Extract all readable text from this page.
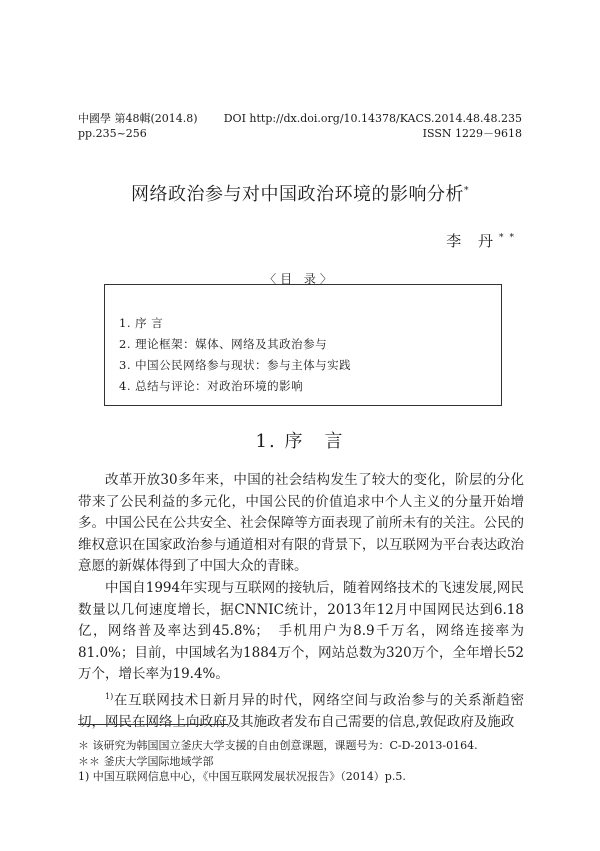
中國學 第48輯(2014.8)
pp.235~256
DOI http://dx.doi.org/10.14378/KACS.2014.48.48.235
ISSN 1229－9618
网络政治参与对中国政治环境的影响分析*
李 丹**
〈目 录〉
1. 序 言
2. 理论框架：媒体、网络及其政治参与
3. 中国公民网络参与现状：参与主体与实践
4. 总结与评论：对政治环境的影响
1. 序　言

改革开放30多年来，中国的社会结构发生了较大的变化，阶层的分化带来了公民利益的多元化，中国公民的价值追求中个人主义的分量开始增多。中国公民在公共安全、社会保障等方面表现了前所未有的关注。公民的维权意识在国家政治参与通道相对有限的背景下，以互联网为平台表达政治意愿的新媒体得到了中国大众的青睐。

中国自1994年实现与互联网的接轨后，随着网络技术的飞速发展,网民数量以几何速度增长，据CNNIC统计，2013年12月中国网民达到6.18亿，网络普及率达到45.8%；　手机用户为8.9千万名，网络连接率为81.0%；目前，中国域名为1884万个，网站总数为320万个，全年增长52万个，增长率为19.4%。

$^{1)}$在互联网技术日新月异的时代，网络空间与政治参与的关系渐趋密切，网民在网络上向政府及其施政者发布自己需要的信息,敦促政府及施政

＊ 该研究为韩国国立釜庆大学支援的自由创意课题，课题号为：C-D-2013-0164.
＊＊ 釜庆大学国际地域学部
1) 中国互联网信息中心，《中国互联网发展状况报告》（2014）p.5.
